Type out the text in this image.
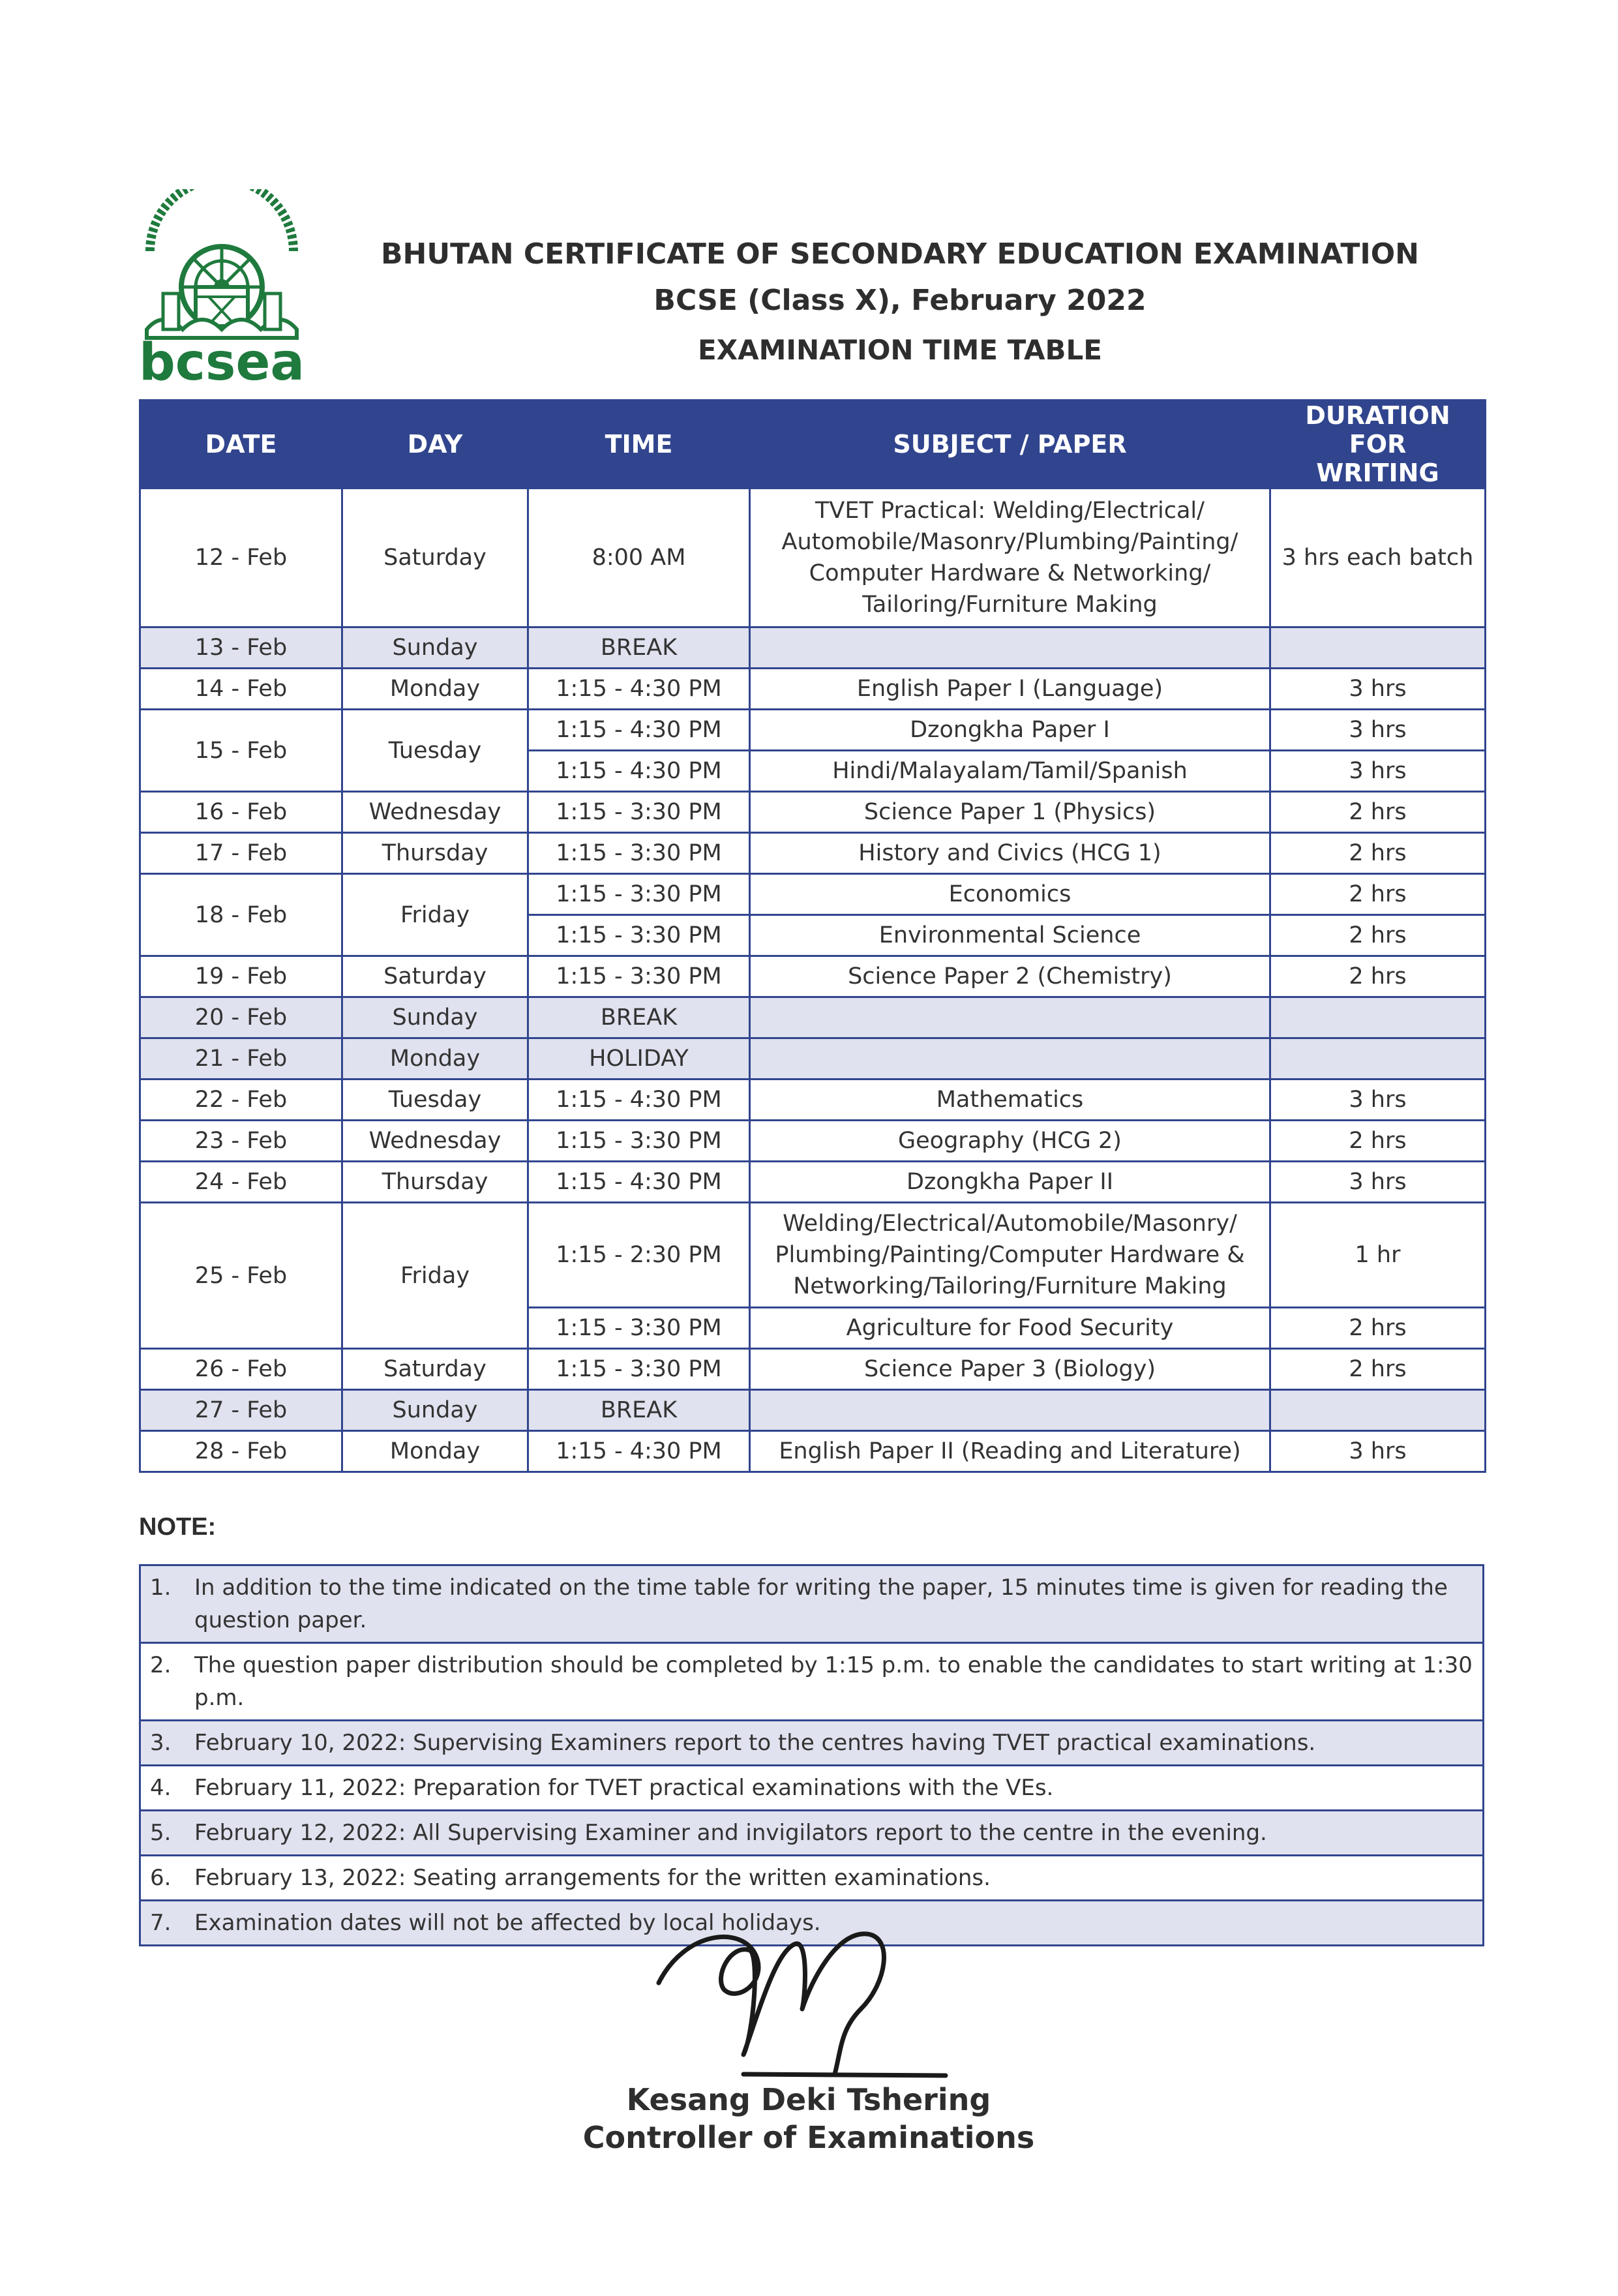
bcsea
BHUTAN CERTIFICATE OF SECONDARY EDUCATION EXAMINATION
BCSE (Class X), February 2022
EXAMINATION TIME TABLE
DATE	DAY	TIME	SUBJECT / PAPER	DURATION FOR WRITING
12 - Feb	Saturday	8:00 AM	TVET Practical: Welding/Electrical/ Automobile/Masonry/Plumbing/Painting/ Computer Hardware & Networking/ Tailoring/Furniture Making	3 hrs each batch
13 - Feb	Sunday	BREAK		
14 - Feb	Monday	1:15 - 4:30 PM	English Paper I (Language)	3 hrs
15 - Feb	Tuesday	1:15 - 4:30 PM	Dzongkha Paper I	3 hrs
		1:15 - 4:30 PM	Hindi/Malayalam/Tamil/Spanish	3 hrs
16 - Feb	Wednesday	1:15 - 3:30 PM	Science Paper 1 (Physics)	2 hrs
17 - Feb	Thursday	1:15 - 3:30 PM	History and Civics (HCG 1)	2 hrs
18 - Feb	Friday	1:15 - 3:30 PM	Economics	2 hrs
		1:15 - 3:30 PM	Environmental Science	2 hrs
19 - Feb	Saturday	1:15 - 3:30 PM	Science Paper 2 (Chemistry)	2 hrs
20 - Feb	Sunday	BREAK		
21 - Feb	Monday	HOLIDAY		
22 - Feb	Tuesday	1:15 - 4:30 PM	Mathematics	3 hrs
23 - Feb	Wednesday	1:15 - 3:30 PM	Geography (HCG 2)	2 hrs
24 - Feb	Thursday	1:15 - 4:30 PM	Dzongkha Paper II	3 hrs
25 - Feb	Friday	1:15 - 2:30 PM	Welding/Electrical/Automobile/Masonry/ Plumbing/Painting/Computer Hardware & Networking/Tailoring/Furniture Making	1 hr
		1:15 - 3:30 PM	Agriculture for Food Security	2 hrs
26 - Feb	Saturday	1:15 - 3:30 PM	Science Paper 3 (Biology)	2 hrs
27 - Feb	Sunday	BREAK		
28 - Feb	Monday	1:15 - 4:30 PM	English Paper II (Reading and Literature)	3 hrs
NOTE:
1.	In addition to the time indicated on the time table for writing the paper, 15 minutes time is given for reading the question paper.

2.	The question paper distribution should be completed by 1:15 p.m. to enable the candidates to start writing at 1:30 p.m.

3.	February 10, 2022: Supervising Examiners report to the centres having TVET practical examinations.

4.	February 11, 2022: Preparation for TVET practical examinations with the VEs.

5.	February 12, 2022: All Supervising Examiner and invigilators report to the centre in the evening.

6.	February 13, 2022: Seating arrangements for the written examinations.

7.	Examination dates will not be affected by local holidays.
Kesang Deki Tshering
Controller of Examinations
